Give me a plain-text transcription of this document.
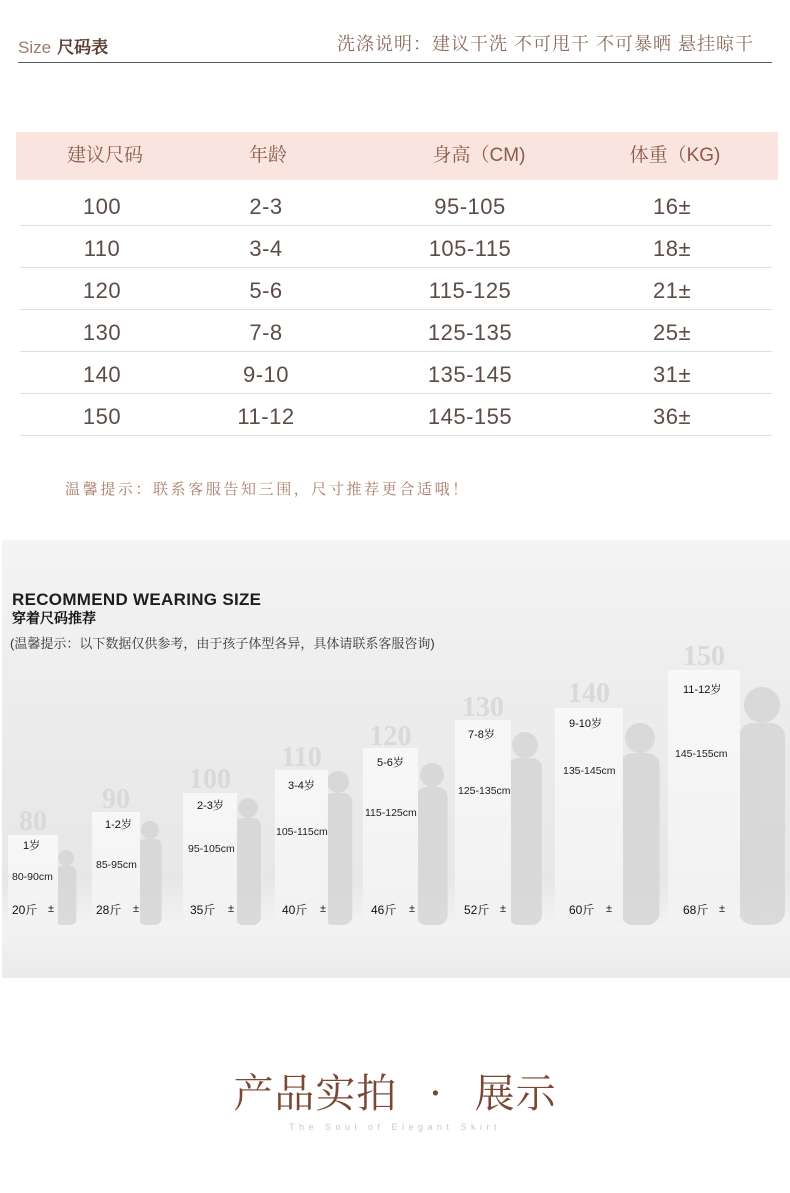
Size 尺码表	洗涤说明：建议干洗 不可甩干 不可暴晒 悬挂晾干
建议尺码	年龄	身高（CM)	体重（KG)
100	2-3	95-105	16±
110	3-4	105-115	18±
120	5-6	115-125	21±
130	7-8	125-135	25±
140	9-10	135-145	31±
150	11-12	145-155	36±
温馨提示：联系客服告知三围，尺寸推荐更合适哦！
RECOMMEND WEARING SIZE
穿着尺码推荐
(温馨提示：以下数据仅供参考，由于孩子体型各异，具体请联系客服咨询)
80
1岁
80-90cm
20斤 ±
90
1-2岁
85-95cm
28斤 ±
100
2-3岁
95-105cm
35斤 ±
110
3-4岁
105-115cm
40斤 ±
120
5-6岁
115-125cm
46斤 ±
130
7-8岁
125-135cm
52斤 ±
140
9-10岁
135-145cm
60斤 ±
150
11-12岁
145-155cm
68斤 ±
产品实拍 · 展示
The Soul of Elegant Skirt
